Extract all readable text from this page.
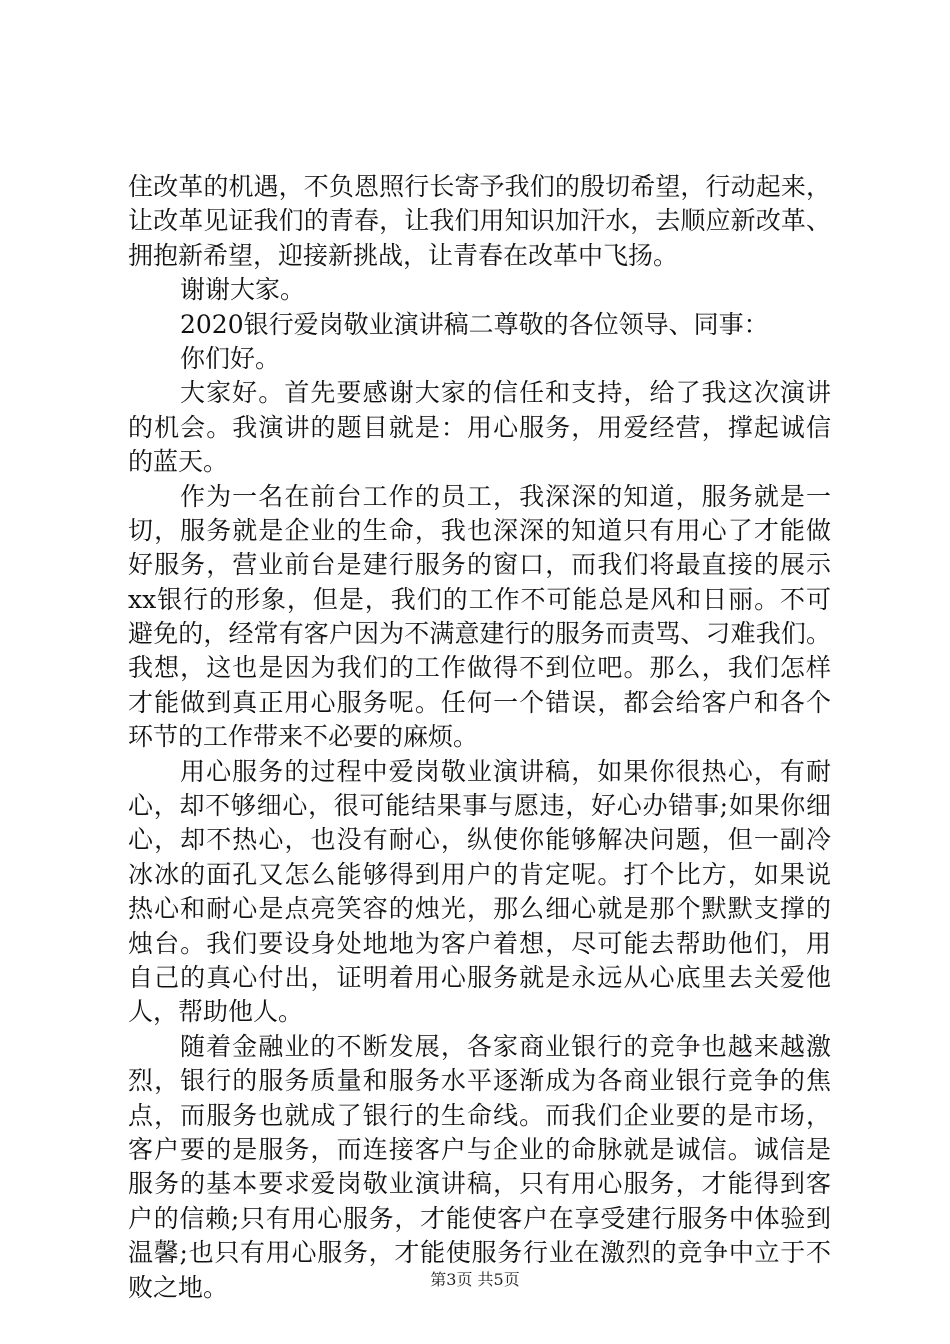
住改革的机遇，不负恩照行长寄予我们的殷切希望，行动起来，
让改革见证我们的青春，让我们用知识加汗水，去顺应新改革、
拥抱新希望，迎接新挑战，让青春在改革中飞扬。
谢谢大家。
2020银行爱岗敬业演讲稿二尊敬的各位领导、同事：
你们好。
大家好。首先要感谢大家的信任和支持，给了我这次演讲
的机会。我演讲的题目就是：用心服务，用爱经营，撑起诚信
的蓝天。
作为一名在前台工作的员工，我深深的知道，服务就是一
切，服务就是企业的生命，我也深深的知道只有用心了才能做
好服务，营业前台是建行服务的窗口，而我们将最直接的展示
xx银行的形象，但是，我们的工作不可能总是风和日丽。不可
避免的，经常有客户因为不满意建行的服务而责骂、刁难我们。
我想，这也是因为我们的工作做得不到位吧。那么，我们怎样
才能做到真正用心服务呢。任何一个错误，都会给客户和各个
环节的工作带来不必要的麻烦。
用心服务的过程中爱岗敬业演讲稿，如果你很热心，有耐
心，却不够细心，很可能结果事与愿违，好心办错事;如果你细
心，却不热心，也没有耐心，纵使你能够解决问题，但一副冷
冰冰的面孔又怎么能够得到用户的肯定呢。打个比方，如果说
热心和耐心是点亮笑容的烛光，那么细心就是那个默默支撑的
烛台。我们要设身处地地为客户着想，尽可能去帮助他们，用
自己的真心付出，证明着用心服务就是永远从心底里去关爱他
人，帮助他人。
随着金融业的不断发展，各家商业银行的竞争也越来越激
烈，银行的服务质量和服务水平逐渐成为各商业银行竞争的焦
点，而服务也就成了银行的生命线。而我们企业要的是市场，
客户要的是服务，而连接客户与企业的命脉就是诚信。诚信是
服务的基本要求爱岗敬业演讲稿，只有用心服务，才能得到客
户的信赖;只有用心服务，才能使客户在享受建行服务中体验到
温馨;也只有用心服务，才能使服务行业在激烈的竞争中立于不
败之地。	第3页 共5页
